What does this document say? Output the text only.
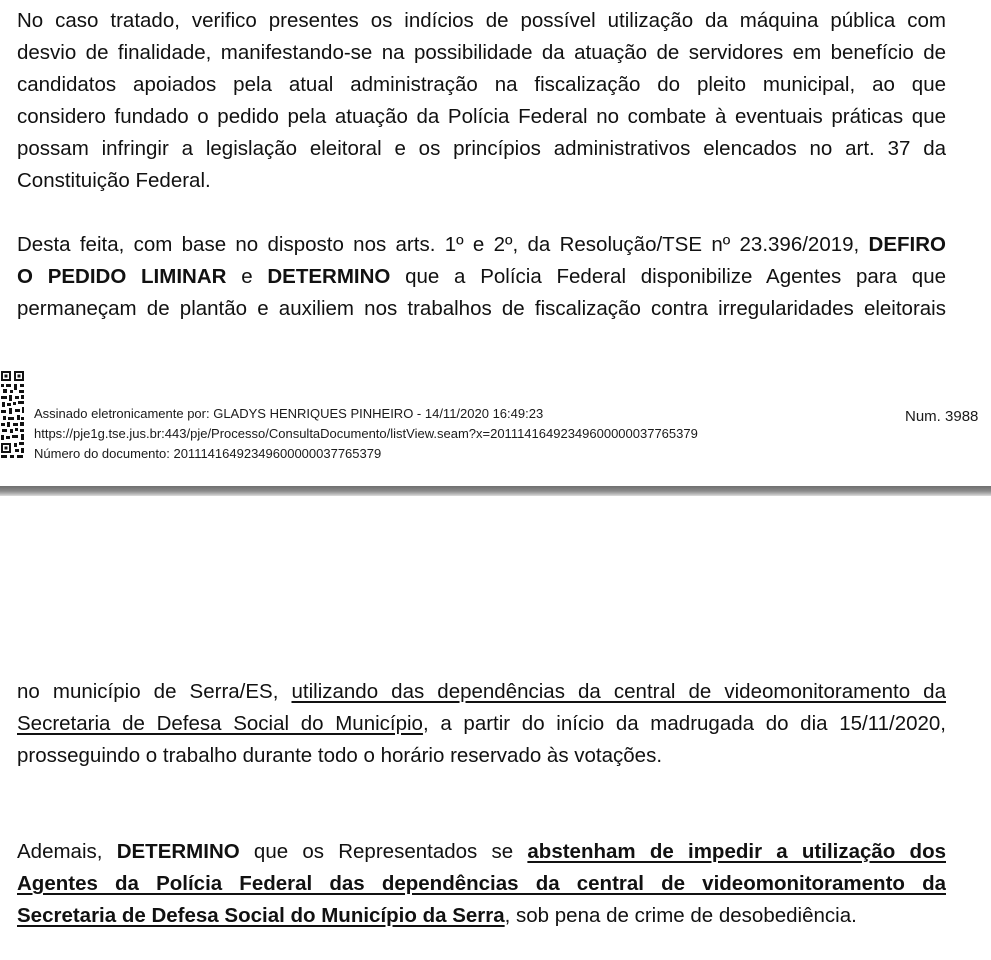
No caso tratado, verifico presentes os indícios de possível utilização da máquina pública com
desvio de finalidade, manifestando-se na possibilidade da atuação de servidores em benefício de
candidatos apoiados pela atual administração na fiscalização do pleito municipal, ao que
considero fundado o pedido pela atuação da Polícia Federal no combate à eventuais práticas que
possam infringir a legislação eleitoral e os princípios administrativos elencados no art. 37 da
Constituição Federal.
Desta feita, com base no disposto nos arts. 1º e 2º, da Resolução/TSE nº 23.396/2019, DEFIRO
O PEDIDO LIMINAR e DETERMINO que a Polícia Federal disponibilize Agentes para que
permaneçam de plantão e auxiliem nos trabalhos de fiscalização contra irregularidades eleitorais
Assinado eletronicamente por: GLADYS HENRIQUES PINHEIRO - 14/11/2020 16:49:23
https://pje1g.tse.jus.br:443/pje/Processo/ConsultaDocumento/listView.seam?x=20111416492349600000037765379
Número do documento: 20111416492349600000037765379
Num. 3988
no município de Serra/ES, utilizando das dependências da central de videomonitoramento da
Secretaria de Defesa Social do Município, a partir do início da madrugada do dia 15/11/2020,
prosseguindo o trabalho durante todo o horário reservado às votações.
Ademais, DETERMINO que os Representados se abstenham de impedir a utilização dos
Agentes da Polícia Federal das dependências da central de videomonitoramento da
Secretaria de Defesa Social do Município da Serra, sob pena de crime de desobediência.
